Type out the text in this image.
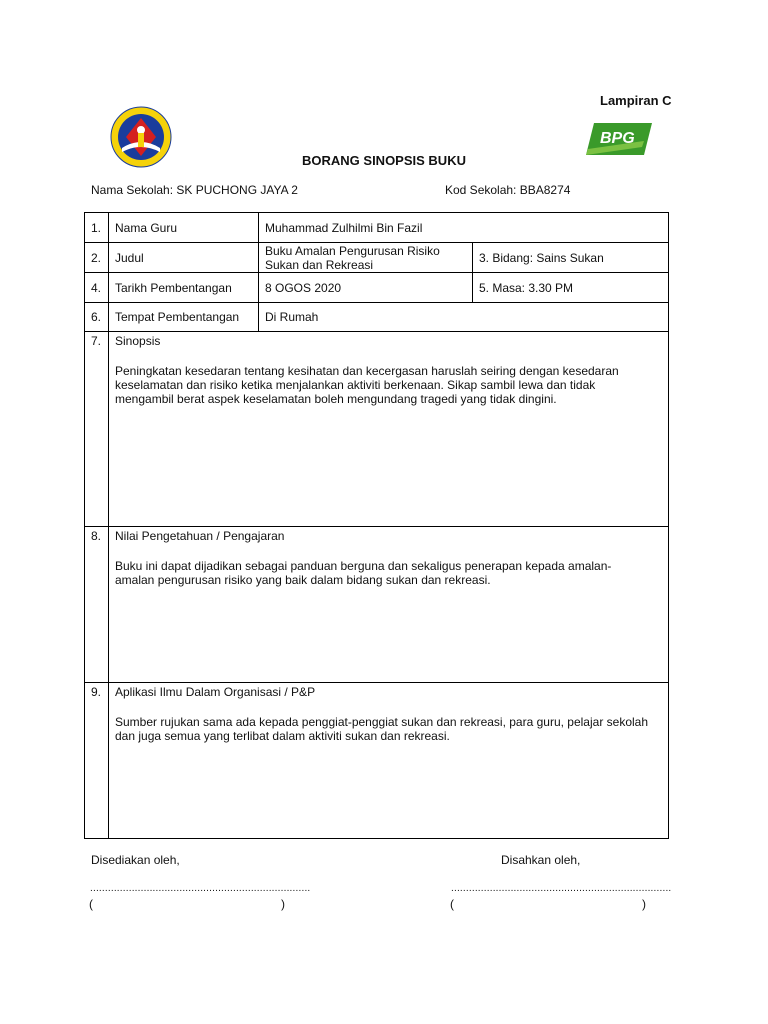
Lampiran C
BPG
BORANG SINOPSIS BUKU
Nama Sekolah: SK PUCHONG JAYA 2	Kod Sekolah: BBA8274
1.	Nama Guru	Muhammad Zulhilmi Bin Fazil	
2.	Judul	Buku Amalan Pengurusan Risiko Sukan dan Rekreasi	3. Bidang: Sains Sukan
4.	Tarikh Pembentangan	8 OGOS 2020	5. Masa: 3.30 PM
6.	Tempat Pembentangan	Di Rumah	
7.	Sinopsis
Peningkatan kesedaran tentang kesihatan dan kecergasan haruslah seiring dengan kesedaran keselamatan dan risiko ketika menjalankan aktiviti berkenaan. Sikap sambil lewa dan tidak mengambil berat aspek keselamatan boleh mengundang tragedi yang tidak dingini.		

8.	Nilai Pengetahuan / Pengajaran
Buku ini dapat dijadikan sebagai panduan berguna dan sekaligus penerapan kepada amalan-amalan pengurusan risiko yang baik dalam bidang sukan dan rekreasi.		

9.	Aplikasi Ilmu Dalam Organisasi / P&P
Sumber rujukan sama ada kepada penggiat-penggiat sukan dan rekreasi, para guru, pelajar sekolah dan juga semua yang terlibat dalam aktiviti sukan dan rekreasi.		
Disediakan oleh,	Disahkan oleh,
..........................................................................	..........................................................................
(	)	(	)
